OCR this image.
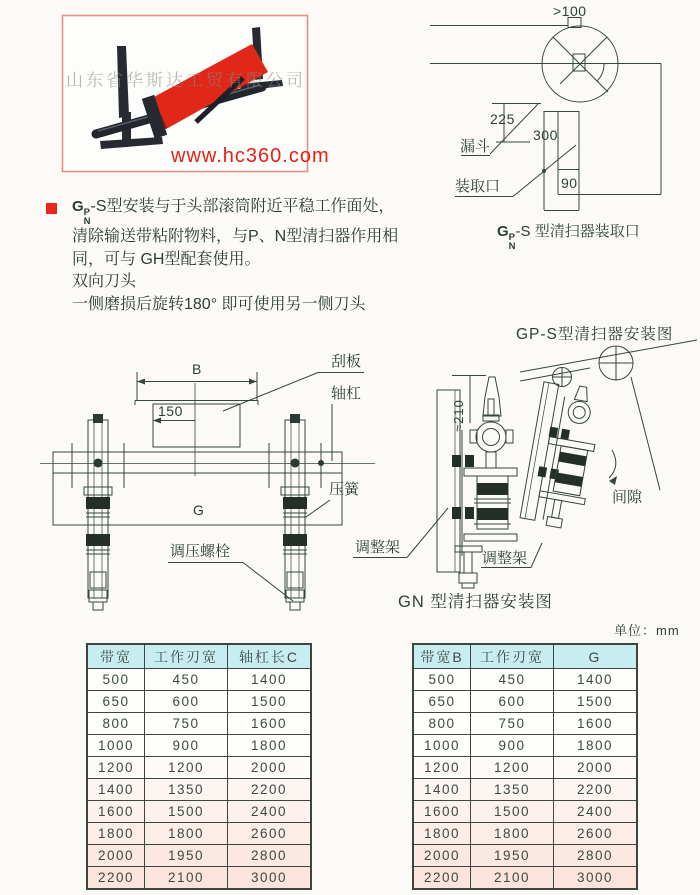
山东省华斯达工贸有限公司
www.hc360.com
>100
225
300
90
漏斗
装取口
G P
N
-S 型清扫器装取口
G P
N
-S型安装与于头部滚筒附近平稳工作面处，
清除输送带粘附物料，与P、N型清扫器作用相
同，可与 GH型配套使用。
双向刀头
一侧磨损后旋转180° 即可使用另一侧刀头
B
150
G
刮板
轴杠
压簧
调压螺栓
GP-S型清扫器安装图
≈210
间隙
调整架
调整架
GN 型清扫器安装图
单位：mm
带宽	工作刃宽	轴杠长C
500	450	1400
650	600	1500
800	750	1600
1000	900	1800
1200	1200	2000
1400	1350	2200
1600	1500	2400
1800	1800	2600
2000	1950	2800
2200	2100	3000
带宽B	工作刃宽	G
500	450	1400
650	600	1500
800	750	1600
1000	900	1800
1200	1200	2000
1400	1350	2200
1600	1500	2400
1800	1800	2600
2000	1950	2800
2200	2100	3000
